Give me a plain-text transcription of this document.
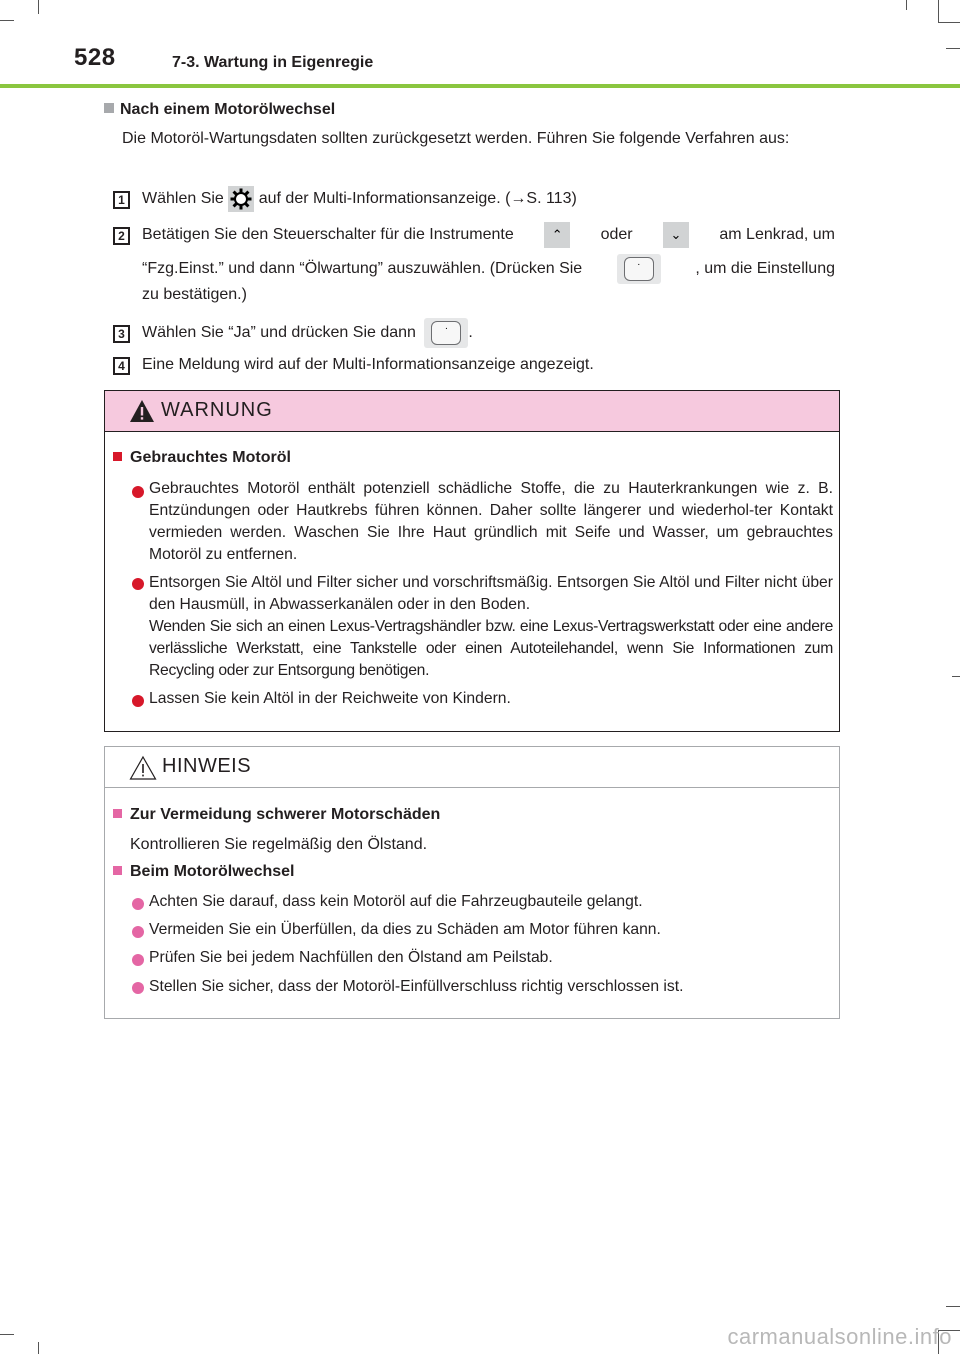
528	7-3. Wartung in Eigenregie
Nach einem Motorölwechsel
Die Motoröl-Wartungsdaten sollten zurückgesetzt werden. Führen Sie folgende Verfahren aus:
1	Wählen Sie auf der Multi-Informationsanzeige. (→S. 113)
2	Betätigen Sie den Steuerschalter für die Instrumente	⌃	oder	⌄	am Lenkrad, um
“Fzg.Einst.” und dann “Ölwartung” auszuwählen. (Drücken Sie	·	, um die Einstellung
zu bestätigen.)
3	Wählen Sie “Ja” und drücken Sie dann	·	.
4	Eine Meldung wird auf der Multi-Informationsanzeige angezeigt.
WARNUNG
Gebrauchtes Motoröl
Gebrauchtes Motoröl enthält potenziell schädliche Stoffe, die zu Hauterkrankungen wie z. B. Entzündungen oder Hautkrebs führen können. Daher sollte längerer und wiederhol-ter Kontakt vermieden werden. Waschen Sie Ihre Haut gründlich mit Seife und Wasser, um gebrauchtes Motoröl zu entfernen.
Entsorgen Sie Altöl und Filter sicher und vorschriftsmäßig. Entsorgen Sie Altöl und Filter nicht über den Hausmüll, in Abwasserkanälen oder in den Boden.
Wenden Sie sich an einen Lexus-Vertragshändler bzw. eine Lexus-Vertragswerkstatt oder eine andere verlässliche Werkstatt, eine Tankstelle oder einen Autoteilehandel, wenn Sie Informationen zum Recycling oder zur Entsorgung benötigen.
Lassen Sie kein Altöl in der Reichweite von Kindern.
HINWEIS
Zur Vermeidung schwerer Motorschäden
Kontrollieren Sie regelmäßig den Ölstand.
Beim Motorölwechsel
Achten Sie darauf, dass kein Motoröl auf die Fahrzeugbauteile gelangt.
Vermeiden Sie ein Überfüllen, da dies zu Schäden am Motor führen kann.
Prüfen Sie bei jedem Nachfüllen den Ölstand am Peilstab.
Stellen Sie sicher, dass der Motoröl-Einfüllverschluss richtig verschlossen ist.
carmanualsonline.info
